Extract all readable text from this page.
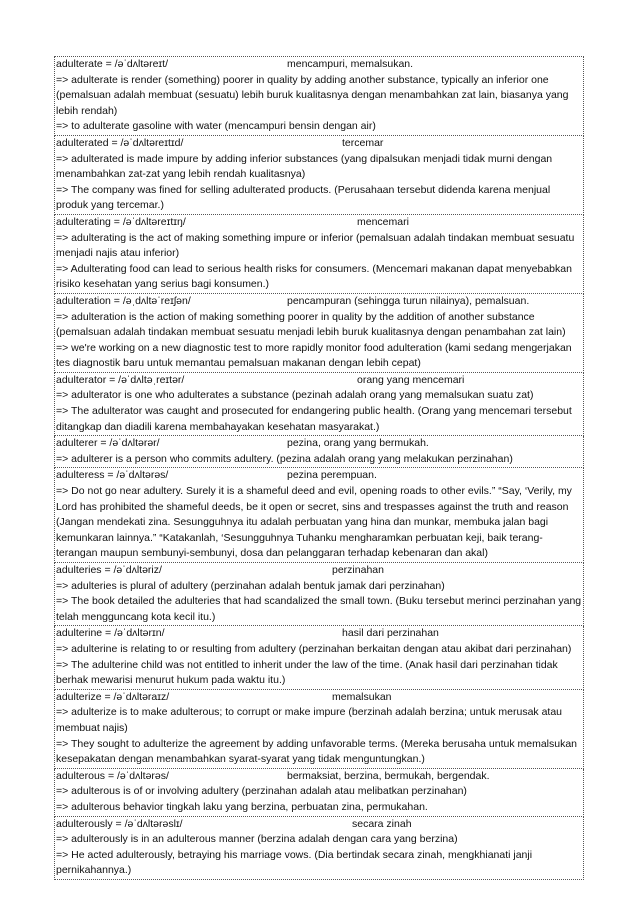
adulterate = /əˈdʌltəreɪt/	mencampuri, memalsukan.
=> adulterate is render (something) poorer in quality by adding another substance, typically an inferior one (pemalsuan adalah membuat (sesuatu) lebih buruk kualitasnya dengan menambahkan zat lain, biasanya yang lebih rendah)
=> to adulterate gasoline with water (mencampuri bensin dengan air)
adulterated = /əˈdʌltəreɪtɪd/	tercemar
=> adulterated is made impure by adding inferior substances (yang dipalsukan menjadi tidak murni dengan menambahkan zat-zat yang lebih rendah kualitasnya)
=> The company was fined for selling adulterated products. (Perusahaan tersebut didenda karena menjual produk yang tercemar.)
adulterating = /əˈdʌltəreɪtɪŋ/	mencemari
=> adulterating is the act of making something impure or inferior (pemalsuan adalah tindakan membuat sesuatu menjadi najis atau inferior)
=> Adulterating food can lead to serious health risks for consumers. (Mencemari makanan dapat menyebabkan risiko kesehatan yang serius bagi konsumen.)
adulteration = /əˌdʌltəˈreɪʃən/	pencampuran (sehingga turun nilainya), pemalsuan.
=> adulteration is the action of making something poorer in quality by the addition of another substance (pemalsuan adalah tindakan membuat sesuatu menjadi lebih buruk kualitasnya dengan penambahan zat lain)
=> we're working on a new diagnostic test to more rapidly monitor food adulteration (kami sedang mengerjakan tes diagnostik baru untuk memantau pemalsuan makanan dengan lebih cepat)
adulterator = /əˈdʌltəˌreɪtər/	orang yang mencemari
=> adulterator is one who adulterates a substance (pezinah adalah orang yang memalsukan suatu zat)
=> The adulterator was caught and prosecuted for endangering public health. (Orang yang mencemari tersebut ditangkap dan diadili karena membahayakan kesehatan masyarakat.)
adulterer = /əˈdʌltərər/	pezina, orang yang bermukah.
=> adulterer is a person who commits adultery. (pezina adalah orang yang melakukan perzinahan)
adulteress = /əˈdʌltərəs/	pezina perempuan.
=> Do not go near adultery. Surely it is a shameful deed and evil, opening roads to other evils.” “Say, ‘Verily, my Lord has prohibited the shameful deeds, be it open or secret, sins and trespasses against the truth and reason (Jangan mendekati zina. Sesungguhnya itu adalah perbuatan yang hina dan munkar, membuka jalan bagi kemunkaran lainnya.” “Katakanlah, ‘Sesungguhnya Tuhanku mengharamkan perbuatan keji, baik terang-terangan maupun sembunyi-sembunyi, dosa dan pelanggaran terhadap kebenaran dan akal)
adulteries = /əˈdʌltəriz/	perzinahan
=> adulteries is plural of adultery (perzinahan adalah bentuk jamak dari perzinahan)
=> The book detailed the adulteries that had scandalized the small town. (Buku tersebut merinci perzinahan yang telah mengguncang kota kecil itu.)
adulterine = /əˈdʌltərɪn/	hasil dari perzinahan
=> adulterine is relating to or resulting from adultery (perzinahan berkaitan dengan atau akibat dari perzinahan)
=> The adulterine child was not entitled to inherit under the law of the time. (Anak hasil dari perzinahan tidak berhak mewarisi menurut hukum pada waktu itu.)
adulterize = /əˈdʌltəraɪz/	memalsukan
=> adulterize is to make adulterous; to corrupt or make impure (berzinah adalah berzina; untuk merusak atau membuat najis)
=> They sought to adulterize the agreement by adding unfavorable terms. (Mereka berusaha untuk memalsukan kesepakatan dengan menambahkan syarat-syarat yang tidak menguntungkan.)
adulterous = /əˈdʌltərəs/	bermaksiat, berzina, bermukah, bergendak.
=> adulterous is of or involving adultery (perzinahan adalah atau melibatkan perzinahan)
=> adulterous behavior tingkah laku yang berzina, perbuatan zina, permukahan.
adulterously = /əˈdʌltərəslɪ/	secara zinah
=> adulterously is in an adulterous manner (berzina adalah dengan cara yang berzina)
=> He acted adulterously, betraying his marriage vows. (Dia bertindak secara zinah, mengkhianati janji pernikahannya.)
